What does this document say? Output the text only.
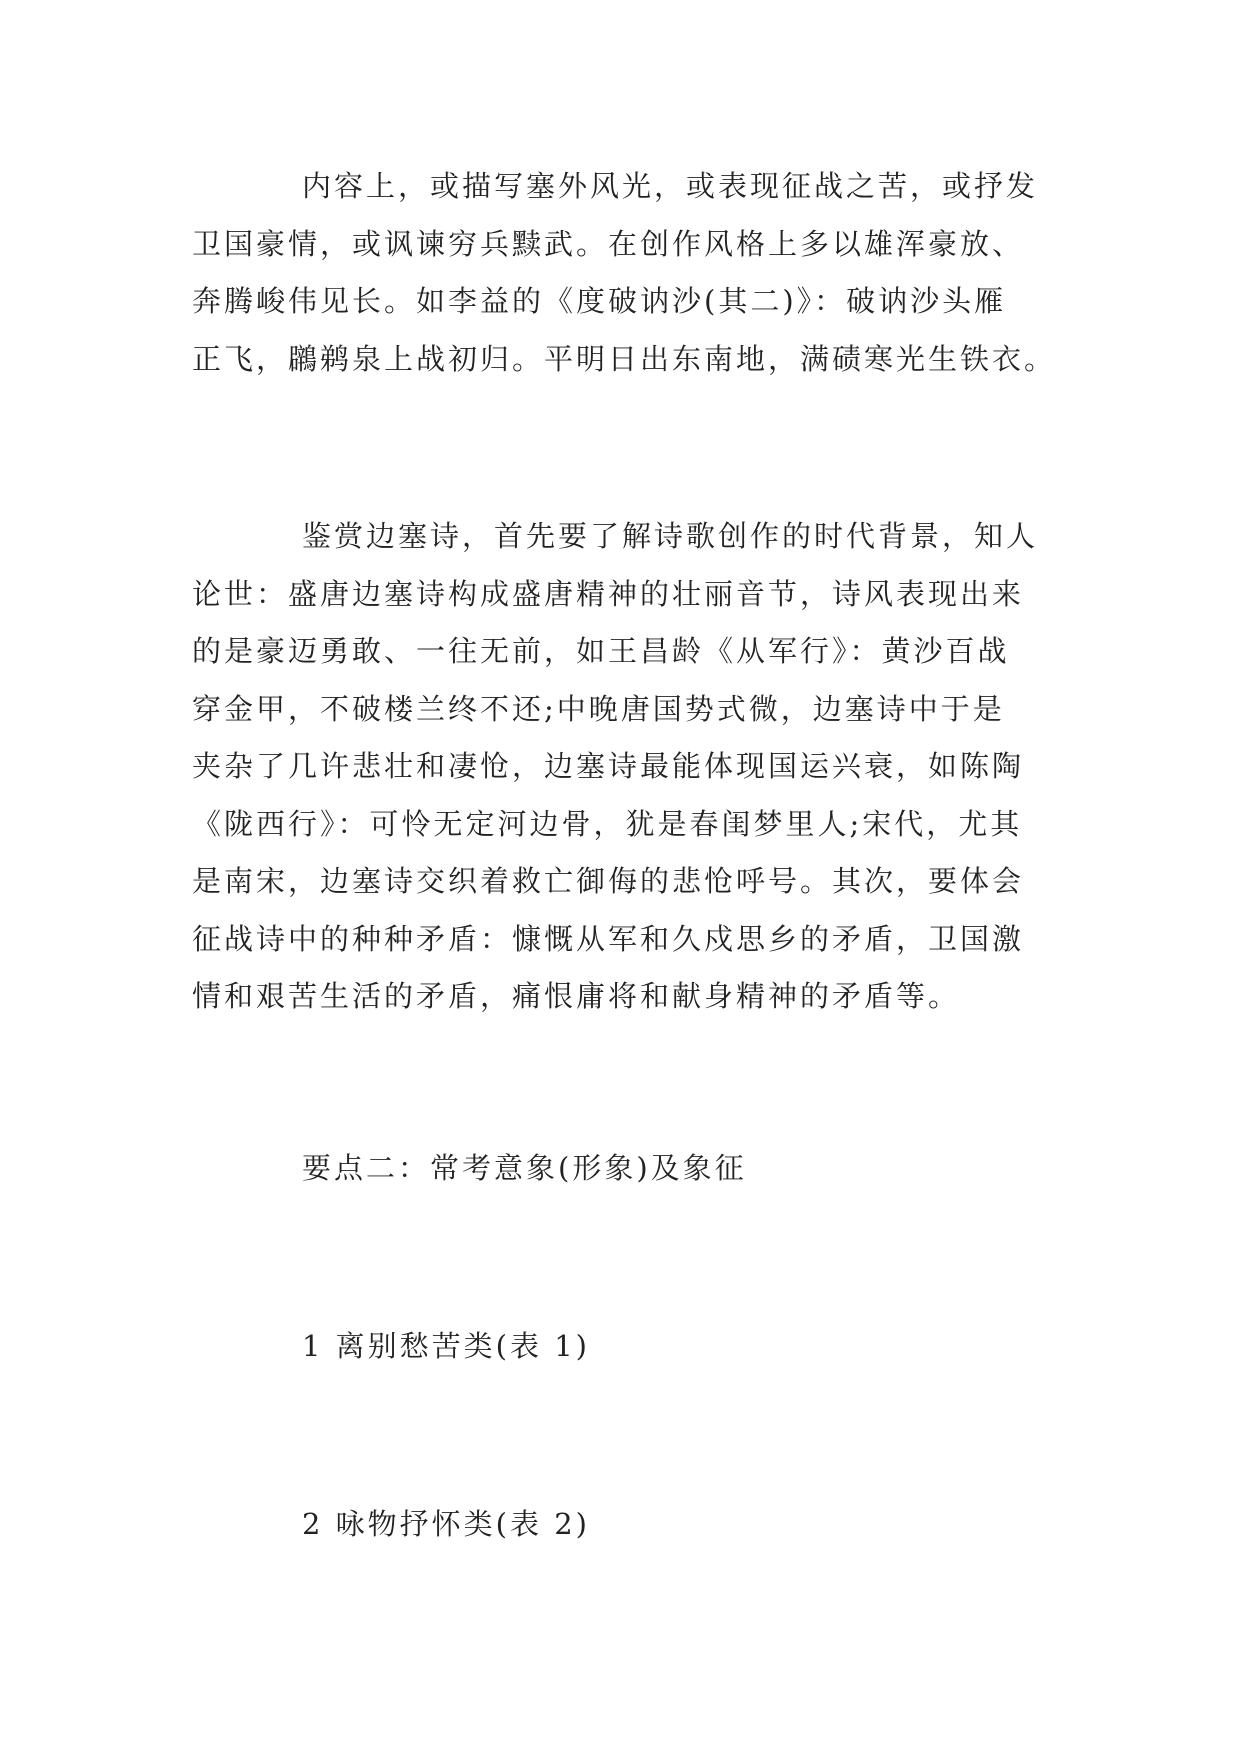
内容上，或描写塞外风光，或表现征战之苦，或抒发
卫国豪情，或讽谏穷兵黩武。在创作风格上多以雄浑豪放、
奔腾峻伟见长。如李益的《度破讷沙(其二)》：破讷沙头雁
正飞，鸊鹈泉上战初归。平明日出东南地，满碛寒光生铁衣。

鉴赏边塞诗，首先要了解诗歌创作的时代背景，知人
论世：盛唐边塞诗构成盛唐精神的壮丽音节，诗风表现出来
的是豪迈勇敢、一往无前，如王昌龄《从军行》：黄沙百战
穿金甲，不破楼兰终不还;中晚唐国势式微，边塞诗中于是
夹杂了几许悲壮和凄怆，边塞诗最能体现国运兴衰，如陈陶
《陇西行》：可怜无定河边骨，犹是春闺梦里人;宋代，尤其
是南宋，边塞诗交织着救亡御侮的悲怆呼号。其次，要体会
征战诗中的种种矛盾：慷慨从军和久戍思乡的矛盾，卫国激
情和艰苦生活的矛盾，痛恨庸将和献身精神的矛盾等。

要点二：常考意象(形象)及象征

1 离别愁苦类(表 1)

2 咏物抒怀类(表 2)
